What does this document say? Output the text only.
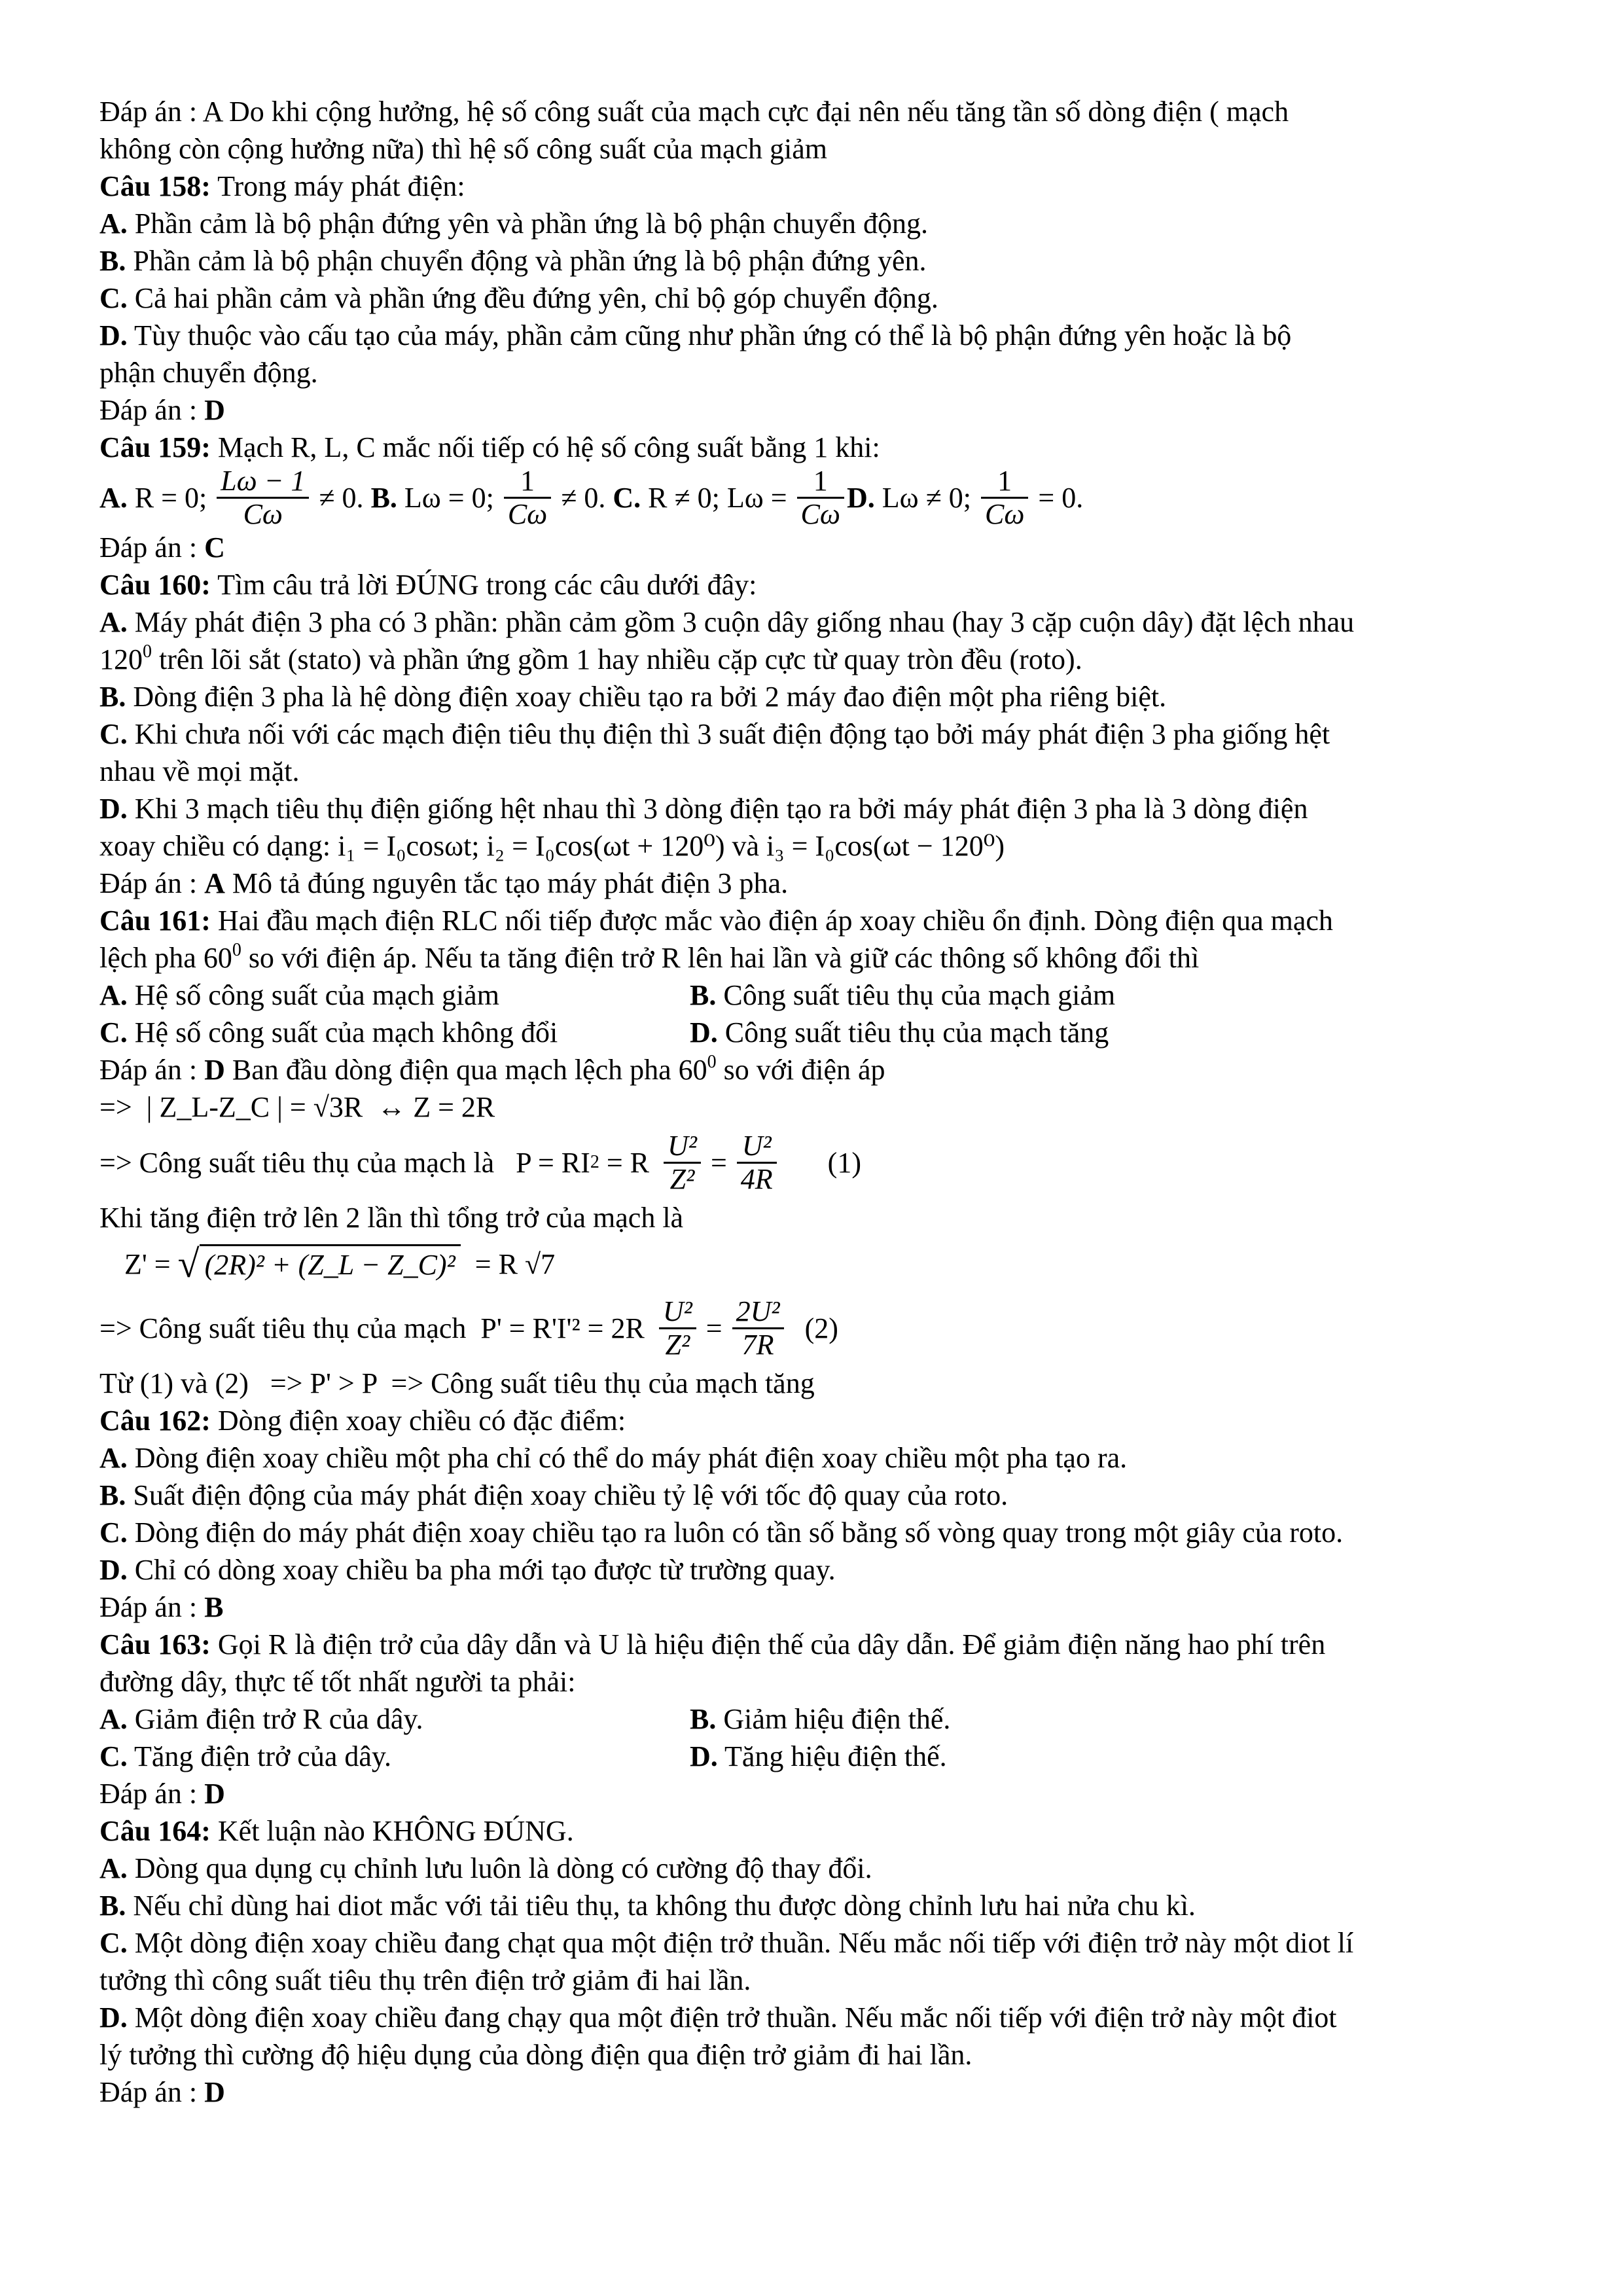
Đáp án : A Do khi cộng hưởng, hệ số công suất của mạch cực đại nên nếu tăng tần số dòng điện ( mạch
không còn cộng hưởng nữa) thì hệ số công suất của mạch giảm
Câu 158: Trong máy phát điện:
A. Phần cảm là bộ phận đứng yên và phần ứng là bộ phận chuyển động.
B. Phần cảm là bộ phận chuyển động và phần ứng là bộ phận đứng yên.
C. Cả hai phần cảm và phần ứng đều đứng yên, chỉ bộ góp chuyển động.
D. Tùy thuộc vào cấu tạo của máy, phần cảm cũng như phần ứng có thể là bộ phận đứng yên hoặc là bộ
phận chuyển động.
Đáp án : D
Câu 159: Mạch R, L, C mắc nối tiếp có hệ số công suất bằng 1 khi:
A. R = 0; $\frac{L\omega - 1}{C\omega} \ne 0$. B. Lω = 0; $\frac{1}{C\omega} \ne 0$. C. R ≠ 0; $L\omega = \frac{1}{C\omega} D$. Lω ≠ 0; $\frac{1}{C\omega} = 0$.
Đáp án : C
Câu 160: Tìm câu trả lời ĐÚNG trong các câu dưới đây:
A. Máy phát điện 3 pha có 3 phần: phần cảm gồm 3 cuộn dây giống nhau (hay 3 cặp cuộn dây) đặt lệch nhau
$120^0$ trên lõi sắt (stato) và phần ứng gồm 1 hay nhiều cặp cực từ quay tròn đều (roto).
B. Dòng điện 3 pha là hệ dòng điện xoay chiều tạo ra bởi 2 máy đao điện một pha riêng biệt.
C. Khi chưa nối với các mạch điện tiêu thụ điện thì 3 suất điện động tạo bởi máy phát điện 3 pha giống hệt
nhau về mọi mặt.
D. Khi 3 mạch tiêu thụ điện giống hệt nhau thì 3 dòng điện tạo ra bởi máy phát điện 3 pha là 3 dòng điện
xoay chiều có dạng: i₁ = I₀cosωt; i₂ = I₀cos(ωt + 120⁰) và i₃ = I₀cos(ωt − 120⁰)
Đáp án : A Mô tả đúng nguyên tắc tạo máy phát điện 3 pha.
Câu 161: Hai đầu mạch điện RLC nối tiếp được mắc vào điện áp xoay chiều ổn định. Dòng điện qua mạch
lệch pha $60^0$ so với điện áp. Nếu ta tăng điện trở R lên hai lần và giữ các thông số không đổi thì
A. Hệ số công suất của mạch giảm	B. Công suất tiêu thụ của mạch giảm
C. Hệ số công suất của mạch không đổi	D. Công suất tiêu thụ của mạch tăng
Đáp án : D Ban đầu dòng điện qua mạch lệch pha $60^0$ so với điện áp
=>  | Z_L-Z_C | = √3R  ↔ Z = 2R
=> Công suất tiêu thụ của mạch là   P = RI 2 = R $\frac{\text{U²}}{\text{Z²}} = \frac{\text{U²}}{4R} (1)$
Khi tăng điện trở lên 2 lần thì tổng trở của mạch là
Z' = √ (2R)² + (Z_L − Z_C)² = R √7
=> Công suất tiêu thụ của mạch  $P' = R'I'^2 = 2R \frac{\text{U²}}{\text{Z²}} = \frac{\text{2U²}}{7R} (2)$
Từ (1) và (2)   => P' > P  => Công suất tiêu thụ của mạch tăng
Câu 162: Dòng điện xoay chiều có đặc điểm:
A. Dòng điện xoay chiều một pha chỉ có thể do máy phát điện xoay chiều một pha tạo ra.
B. Suất điện động của máy phát điện xoay chiều tỷ lệ với tốc độ quay của roto.
C. Dòng điện do máy phát điện xoay chiều tạo ra luôn có tần số bằng số vòng quay trong một giây của roto.
D. Chỉ có dòng xoay chiều ba pha mới tạo được từ trường quay.
Đáp án : B
Câu 163: Gọi R là điện trở của dây dẫn và U là hiệu điện thế của dây dẫn. Để giảm điện năng hao phí trên
đường dây, thực tế tốt nhất người ta phải:
A. Giảm điện trở R của dây.	B. Giảm hiệu điện thế.
C. Tăng điện trở của dây.	D. Tăng hiệu điện thế.
Đáp án : D
Câu 164: Kết luận nào KHÔNG ĐÚNG.
A. Dòng qua dụng cụ chỉnh lưu luôn là dòng có cường độ thay đổi.
B. Nếu chỉ dùng hai diot mắc với tải tiêu thụ, ta không thu được dòng chỉnh lưu hai nửa chu kì.
C. Một dòng điện xoay chiều đang chạt qua một điện trở thuần. Nếu mắc nối tiếp với điện trở này một diot lí
tưởng thì công suất tiêu thụ trên điện trở giảm đi hai lần.
D. Một dòng điện xoay chiều đang chạy qua một điện trở thuần. Nếu mắc nối tiếp với điện trở này một điot
lý tưởng thì cường độ hiệu dụng của dòng điện qua điện trở giảm đi hai lần.
Đáp án : D
